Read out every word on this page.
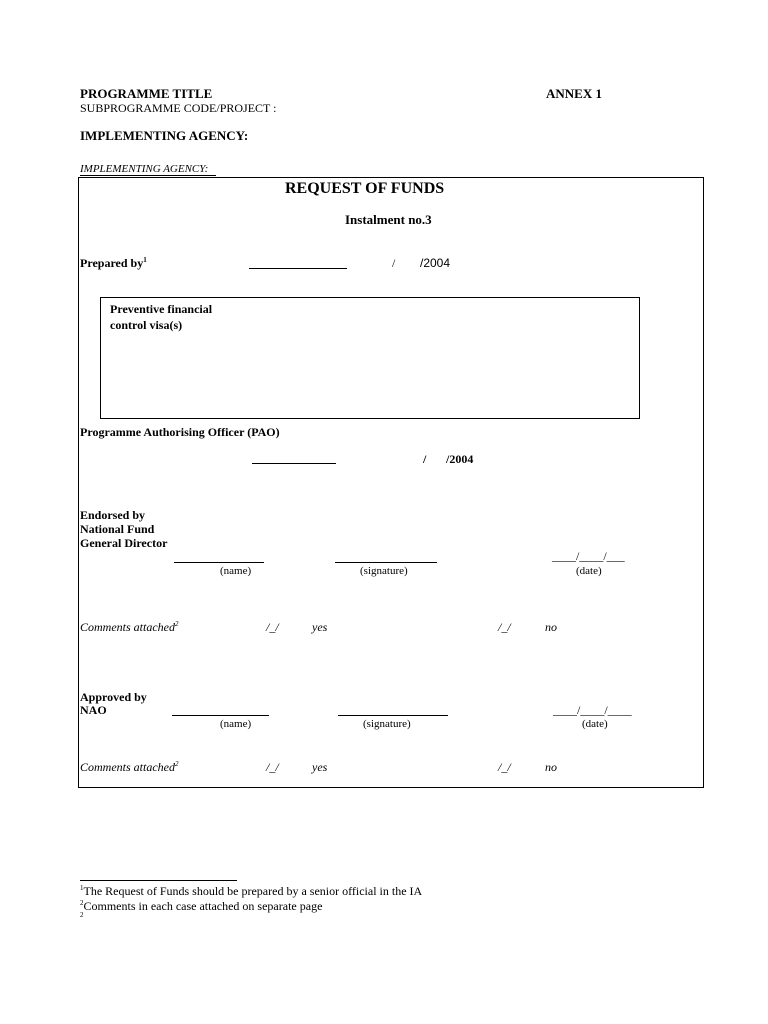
PROGRAMME TITLE	ANNEX 1
SUBPROGRAMME CODE/PROJECT :
IMPLEMENTING AGENCY:
IMPLEMENTING AGENCY:
REQUEST OF FUNDS
Instalment no.3
Prepared $by^1$	/ /2004
Preventive financial
control visa(s)
Programme Authorising Officer (PAO)
/ /2004
Endorsed by
National Fund
General Director
____/____/___
(name)	(signature)	(date)
Comments attached$^2$	/_/	yes	/_/	no
Approved by
NAO	____/____/____
(name)	(signature)	(date)
Comments attached$^2$	/_/	yes	/_/	no
$^1$The Request of Funds should be prepared by a senior official in the IA
$^2$Comments in each case attached on separate page
2
